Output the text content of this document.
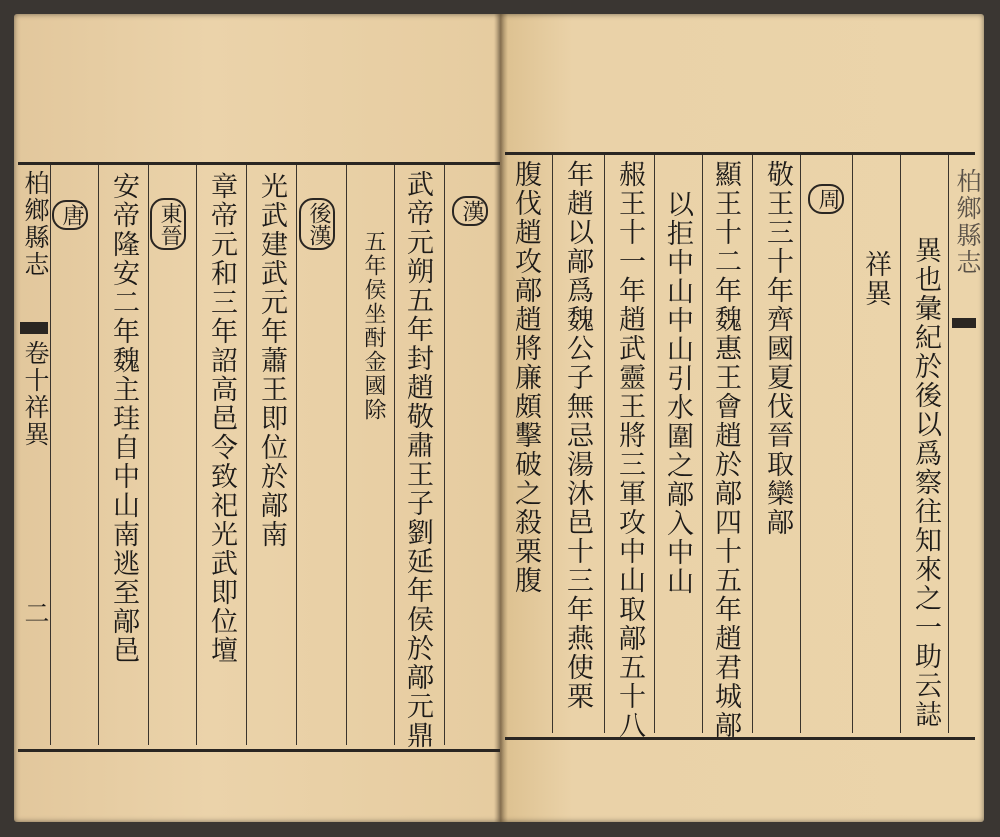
柏鄉縣志
卷十祥異
二
唐 安帝隆安二年魏主珪自中山南逃至鄗邑 東晉 章帝元和三年詔高邑令致祀光武即位壇 光武建武元年蕭王即位於鄗南 後漢
五年侯坐酎金國除 武帝元朔五年封趙敬肅王子劉延年侯於鄗元鼎	漢 腹伐趙攻鄗趙將廉頗擊破之殺栗腹 年趙以鄗爲魏公子無忌湯沐邑十三年燕使栗 赧王十一年趙武靈王將三軍攻中山取鄗五十八 以拒中山中山引水圍之鄗入中山 顯王十二年魏惠王會趙於鄗四十五年趙君城鄗 敬王三十年齊國夏伐晉取欒鄗	周
祥異 異也彙紀於後以爲察往知來之一助云誌
柏鄉縣志
